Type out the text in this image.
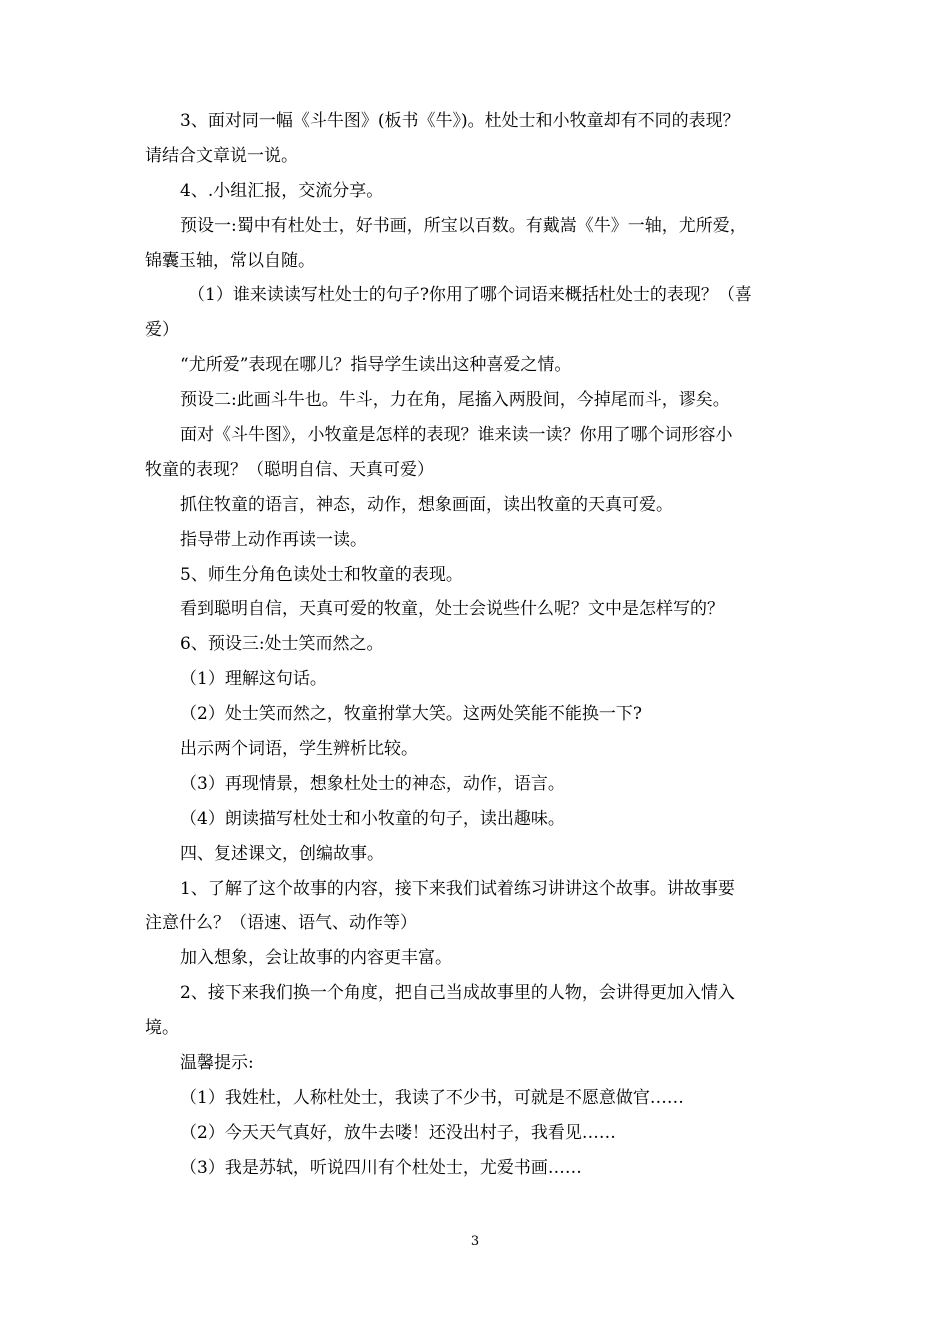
3、面对同一幅《斗牛图》(板书《牛》)。杜处士和小牧童却有不同的表现？
请结合文章说一说。
4、.小组汇报，交流分享。
预设一:蜀中有杜处士，好书画，所宝以百数。有戴嵩《牛》一轴，尤所爱，
锦囊玉轴，常以自随。
（1）谁来读读写杜处士的句子?你用了哪个词语来概括杜处士的表现？（喜
爱）
“尤所爱”表现在哪儿？指导学生读出这种喜爱之情。
预设二:此画斗牛也。牛斗，力在角，尾搐入两股间，今掉尾而斗，谬矣。
面对《斗牛图》，小牧童是怎样的表现？谁来读一读？你用了哪个词形容小
牧童的表现？（聪明自信、天真可爱）
抓住牧童的语言，神态，动作，想象画面，读出牧童的天真可爱。
指导带上动作再读一读。
5、师生分角色读处士和牧童的表现。
看到聪明自信，天真可爱的牧童，处士会说些什么呢？文中是怎样写的？
6、预设三:处士笑而然之。
（1）理解这句话。
（2）处士笑而然之，牧童拊掌大笑。这两处笑能不能换一下?
出示两个词语，学生辨析比较。
（3）再现情景，想象杜处士的神态，动作，语言。
（4）朗读描写杜处士和小牧童的句子，读出趣味。
四、复述课文，创编故事。
1、了解了这个故事的内容，接下来我们试着练习讲讲这个故事。讲故事要
注意什么？（语速、语气、动作等）
加入想象，会让故事的内容更丰富。
2、接下来我们换一个角度，把自己当成故事里的人物，会讲得更加入情入
境。
温馨提示:
（1）我姓杜，人称杜处士，我读了不少书，可就是不愿意做官……
（2）今天天气真好，放牛去喽！还没出村子，我看见……
（3）我是苏轼，听说四川有个杜处士，尤爱书画……
3
